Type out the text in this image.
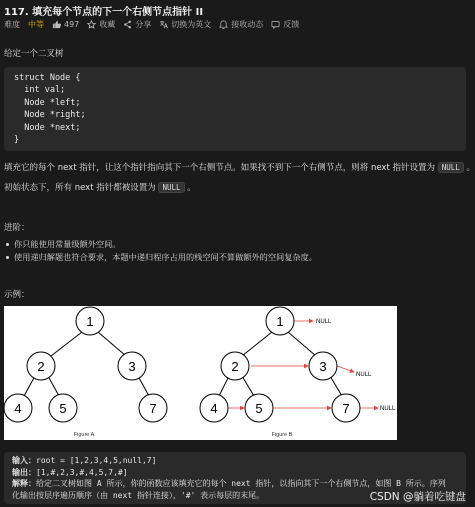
117. 填充每个节点的下一个右侧节点指针 II
难度 中等	497	收藏	分享	切换为英文	接收动态	反馈
给定一个二叉树
struct Node {
int val;
Node *left;
Node *right;
Node *next;
}
填充它的每个 next 指针，让这个指针指向其下一个右侧节点。如果找不到下一个右侧节点，则将 next 指针设置为 NULL 。
初始状态下，所有 next 指针都被设置为 NULL 。
进阶：
你只能使用常量级额外空间。
使用递归解题也符合要求，本题中递归程序占用的栈空间不算做额外的空间复杂度。
示例：
1
2	3
4	5	7
Figure A
1
2	3
4	5	7
NULL
NULL
NULL
Figure B
输入：root = [1,2,3,4,5,null,7]
输出：[1,#,2,3,#,4,5,7,#]
解释：给定二叉树如图 A 所示，你的函数应该填充它的每个 next 指针，以指向其下一个右侧节点，如图 B 所示。序列
化输出按层序遍历顺序（由 next 指针连接），'#' 表示每层的末尾。	CSDN @躺着吃键盘
